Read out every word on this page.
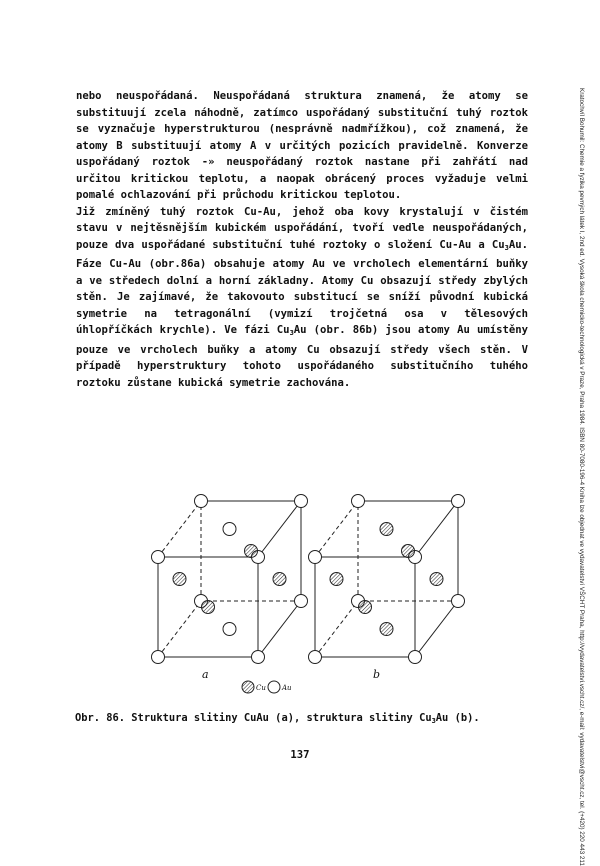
nebo neuspořádaná. Neuspořádaná struktura znamená, že atomy se substituují zcela náhodně, zatímco uspořádaný substituční tuhý roztok se vyznačuje hyperstrukturou (nesprávně nadmřížkou), což znamená, že atomy B substituují atomy A v určitých pozicích pravidelně. Konverze uspořádaný roztok -» neuspořádaný roztok nastane při zahřátí nad určitou kritickou teplotu, a naopak obrácený proces vyžaduje velmi pomalé ochlazování při průchodu kritickou teplotou.

Již zmíněný tuhý roztok Cu-Au, jehož oba kovy krystalují v čistém stavu v nejtěsnějším kubickém uspořádání, tvoří vedle neuspořádaných, pouze dva uspořádané substituční tuhé roztoky o složení Cu-Au a $Cu_3Au$. Fáze Cu-Au (obr.86a) obsahuje atomy Au ve vrcholech elementární buňky a ve středech dolní a horní základny. Atomy Cu obsazují středy zbylých stěn. Je zajímavé, že takovouto substitucí se sníží původní kubická symetrie na tetragonální (vymizí trojčetná osa v tělesových úhlopříčkách krychle). Ve fázi $Cu_3Au$ (obr. 86b) jsou atomy Au umístěny pouze ve vrcholech buňky a atomy Cu obsazují středy všech stěn. V případě hyperstruktury tohoto uspořádaného substitučního tuhého roztoku zůstane kubická symetrie zachována.	Kratochvíl Bohumil: Chemie a fyzika pevných látek I, 2nd ed. Vysoká škola chemicko-technologická v Praze, Praha 1984. ISBN 80-7080-196-4 Kniha lze objednat ve vydavatelství VŠCHT Praha, http://vydavatelstvi.vscht.cz/, e-mail: vydavatelstvi@vscht.cz, tel. (+420) 220 443 211
a	b
Cu Au
Obr. 86. Struktura slitiny CuAu (a), struktura slitiny $Cu_3Au$ (b).
137
